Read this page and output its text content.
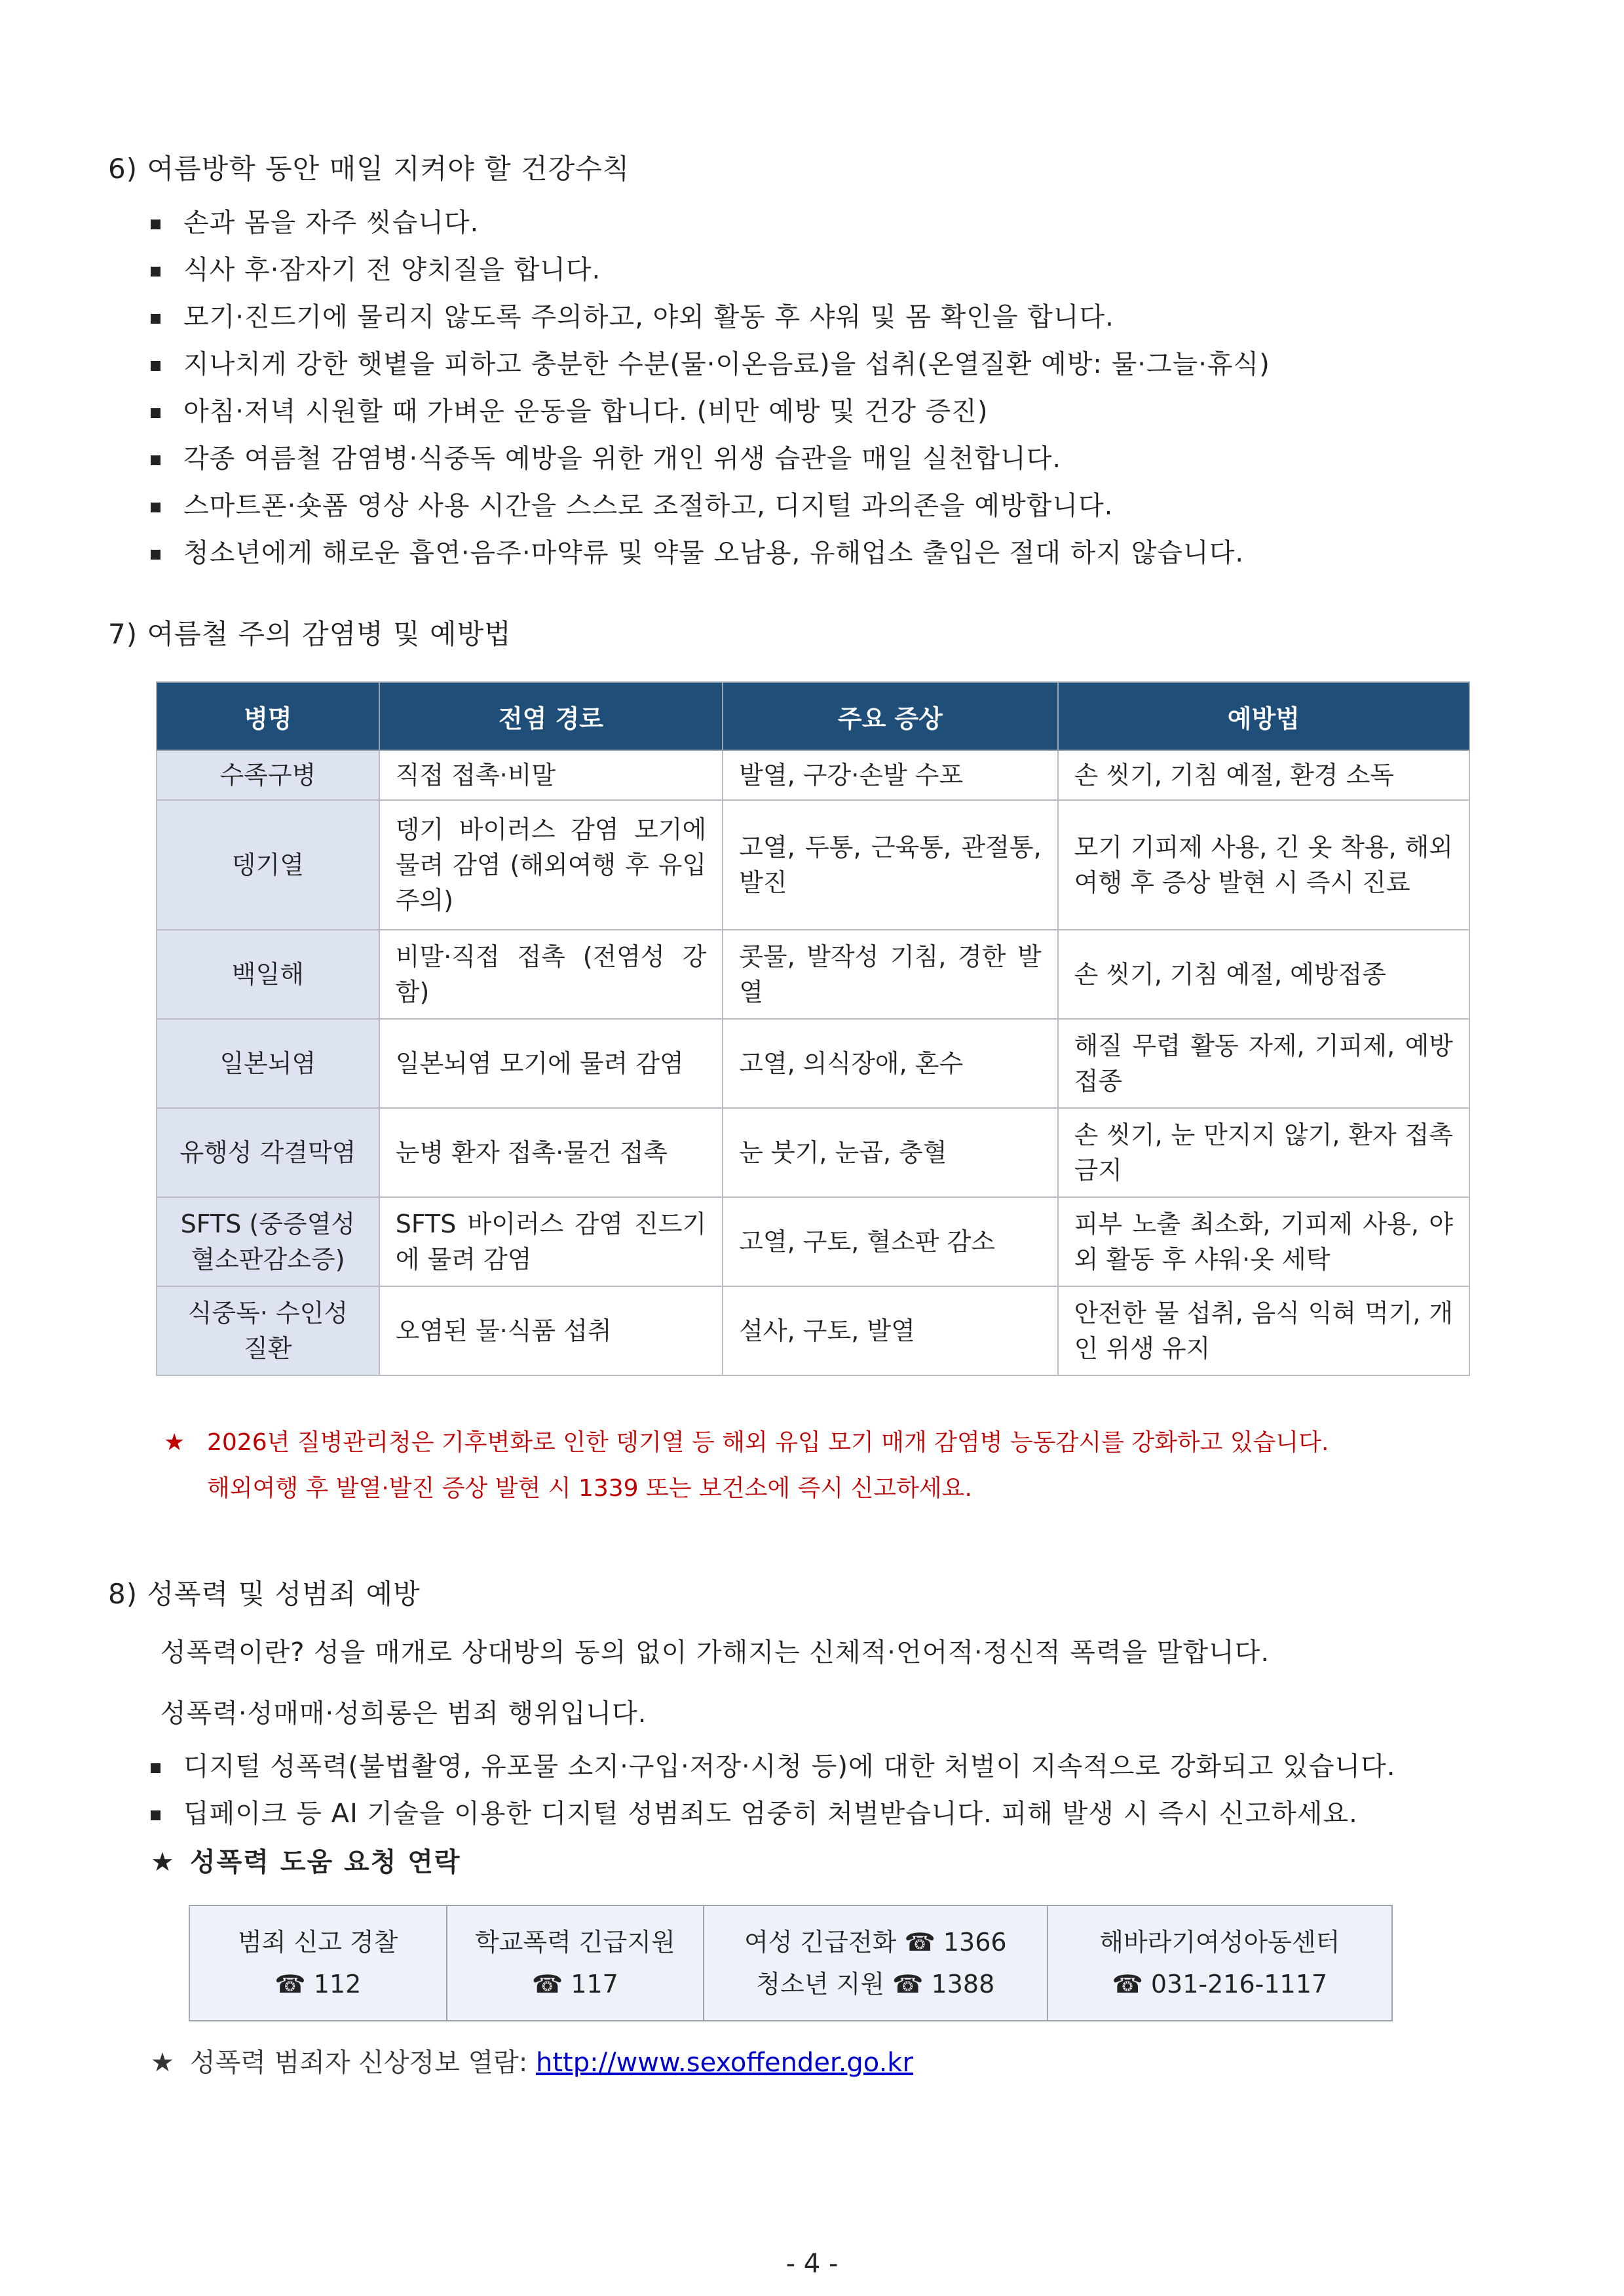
6) 여름방학 동안 매일 지켜야 할 건강수칙
손과 몸을 자주 씻습니다.
식사 후·잠자기 전 양치질을 합니다.
모기·진드기에 물리지 않도록 주의하고, 야외 활동 후 샤워 및 몸 확인을 합니다.
지나치게 강한 햇볕을 피하고 충분한 수분(물·이온음료)을 섭취(온열질환 예방: 물·그늘·휴식)
아침·저녁 시원할 때 가벼운 운동을 합니다. (비만 예방 및 건강 증진)
각종 여름철 감염병·식중독 예방을 위한 개인 위생 습관을 매일 실천합니다.
스마트폰·숏폼 영상 사용 시간을 스스로 조절하고, 디지털 과의존을 예방합니다.
청소년에게 해로운 흡연·음주·마약류 및 약물 오남용, 유해업소 출입은 절대 하지 않습니다.
7) 여름철 주의 감염병 및 예방법
병명	전염 경로	주요 증상	예방법
수족구병	직접 접촉·비말	발열, 구강·손발 수포	손 씻기, 기침 예절, 환경 소독
뎅기열	뎅기 바이러스 감염 모기에 물려 감염 (해외여행 후 유입 주의)	고열, 두통, 근육통, 관절통, 발진	모기 기피제 사용, 긴 옷 착용, 해외여행 후 증상 발현 시 즉시 진료
백일해	비말·직접 접촉 (전염성 강함)	콧물, 발작성 기침, 경한 발열	손 씻기, 기침 예절, 예방접종
일본뇌염	일본뇌염 모기에 물려 감염	고열, 의식장애, 혼수	해질 무렵 활동 자제, 기피제, 예방접종
유행성 각결막염	눈병 환자 접촉·물건 접촉	눈 붓기, 눈곱, 충혈	손 씻기, 눈 만지지 않기, 환자 접촉 금지
SFTS (중증열성 혈소판감소증)	SFTS 바이러스 감염 진드기에 물려 감염	고열, 구토, 혈소판 감소	피부 노출 최소화, 기피제 사용, 야외 활동 후 샤워·옷 세탁
식중독· 수인성 질환	오염된 물·식품 섭취	설사, 구토, 발열	안전한 물 섭취, 음식 익혀 먹기, 개인 위생 유지
★ 2026년 질병관리청은 기후변화로 인한 뎅기열 등 해외 유입 모기 매개 감염병 능동감시를 강화하고 있습니다.
해외여행 후 발열·발진 증상 발현 시 1339 또는 보건소에 즉시 신고하세요.
8) 성폭력 및 성범죄 예방
성폭력이란? 성을 매개로 상대방의 동의 없이 가해지는 신체적·언어적·정신적 폭력을 말합니다.
성폭력·성매매·성희롱은 범죄 행위입니다.
디지털 성폭력(불법촬영, 유포물 소지·구입·저장·시청 등)에 대한 처벌이 지속적으로 강화되고 있습니다.
딥페이크 등 AI 기술을 이용한 디지털 성범죄도 엄중히 처벌받습니다. 피해 발생 시 즉시 신고하세요.
★ 성폭력 도움 요청 연락
범죄 신고 경찰
☎ 112

학교폭력 긴급지원
☎ 117

여성 긴급전화 ☎ 1366
청소년 지원 ☎ 1388

해바라기여성아동센터
☎ 031-216-1117
★ 성폭력 범죄자 신상정보 열람: http://www.sexoffender.go.kr
- 4 -
